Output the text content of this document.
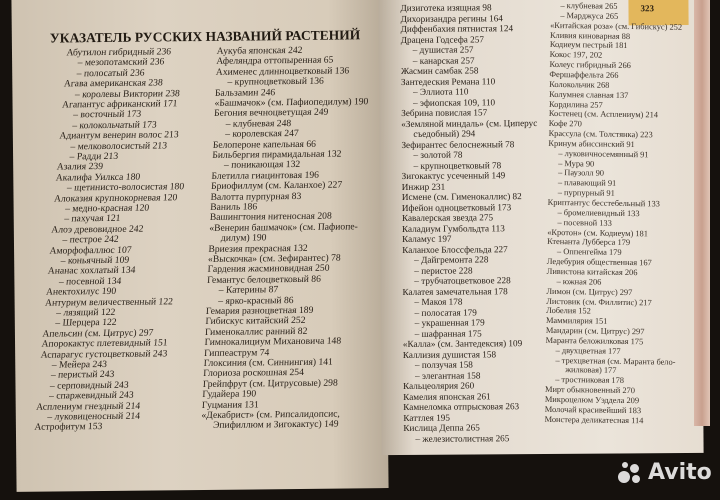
УКАЗАТЕЛЬ РУССКИХ НАЗВАНИЙ РАСТЕНИЙ
Абутилон гибридный 236
– мезопотамский 236
– полосатый 236
Агава американская 238
– королевы Виктории 238
Агапантус африканский 171
– восточный 173
– колокольчатый 173
Адиантум венерин волос 213
– мелковолосистый 213
– Радди 213
Азалия 239
Акалифа Уилкса 180
– щетинисто-волосистая 180
Алоказия крупнокорневая 120
– медно-красная 120
– пахучая 121
Алоэ древовидное 242
– пестрое 242
Аморфофаллюс 107
– коньячный 109
Ананас хохлатый 134
– посевной 134
Анектохилус 190
Антуриум величественный 122
– лязящий 122
– Шерцера 122
Апельсин (см. Цитрус) 297
Апорокактус плетевидный 151
Аспарагус густоцветковый 243
– Мейера 243
– перистый 243
– серповидный 243
– спаржевидный 243
Асплениум гнездный 214
– луковиценосный 214
Астрофитум 153
Аукуба японская 242
Афеляндра оттопыренная 65
Ахименес длинноцветковый 136
– крупноцветковый 136
Бальзамин 246
«Башмачок» (см. Пафиопедилум) 190
Бегония вечноцветущая 249
– клубневая 248
– королевская 247
Белопероне капельная 66
Бильбергия пирамидальная 132
– поникающая 132
Блетилла гиацинтовая 196
Бриофиллум (см. Каланхое) 227
Валотта пурпурная 83
Ваниль 186
Вашингтония нитеносная 208
«Венерин башмачок» (см. Пафиопе-
дилум) 190
Вриезия прекрасная 132
«Выскочка» (см. Зефирантес) 78
Гардения жасминовидная 250
Гемантус белоцветковый 86
– Катерины 87
– ярко-красный 86
Гемария разноцветная 189
Гибискус китайский 252
Гименокаллис ранний 82
Гимнокалициум Михановича 148
Гиппеаструм 74
Глоксиния (см. Синнингия) 141
Глориоза роскошная 254
Грейпфрут (см. Цитрусовые) 298
Гудайера 190
Гуцмания 131
«Декабрист» (см. Рипсалидопсис,
Эпифиллюм и Зигокактус) 149
323
Дизиготека изящная 98
Дихоризандра регины 164
Диффенбахия пятнистая 124
Драцена Годсефа 257
– душистая 257
– канарская 257
Жасмин самбак 258
Зантедеския Ремана 110
– Эллиота 110
– эфиопская 109, 110
Зебрина повислая 157
«Земляной миндаль» (см. Циперус
съедобный) 294
Зефирантес белоснежный 78
– золотой 78
– крупноцветковый 78
Зигокактус усеченный 149
Инжир 231
Исмене (см. Гименокаллис) 82
Ифейон одноцветковый 173
Кавалерская звезда 275
Каладиум Гумбольдта 113
Каламус 197
Каланхое Блоссфельда 227
– Дайгремонта 228
– перистое 228
– трубчатоцветковое 228
Калатея замечательная 178
– Макоя 178
– полосатая 179
– украшенная 179
– шафранная 175
«Калла» (см. Зантедексия) 109
Каллизия душистая 158
– ползучая 158
– элегантная 158
Кальцеолярия 260
Камелия японская 261
Камнеломка отпрысковая 263
Каттлея 195
Кислица Деппа 265
– железистолистная 265
– клубневая 265
– Марджуса 265
«Китайская роза» (см. Гибискус) 252
Кливия киноварная 88
Кодиеум пестрый 181
Кокос 197, 202
Колеус гибридный 266
Фершаффельта 266
Колокольчик 268
Колумнея славная 137
Кордилина 257
Костенец (см. Асплениум) 214
Кофе 270
Крассула (см. Толстянка) 223
Кринум абиссинский 91
– луковичносемянный 91
– Мура 90
– Паузолл 90
– плавающий 91
– пурпурный 91
Криптантус бесстебельный 133
– бромелиевидный 133
– посевной 133
«Кротон» (см. Кодиеум) 181
Ктенанта Лубберса 179
– Оппенгейма 179
Ледебурия общественная 167
Ливистона китайская 206
– южная 206
Лимон (см. Цитрус) 297
Листовик (см. Филлитис) 217
Лобелия 152
Маммилярия 151
Мандарин (см. Цитрус) 297
Маранта беложилковая 175
– двухцветная 177
– трехцветная (см. Маранта бело-
жилковая) 177
– тростниковая 178
Мирт обыкновенный 270
Микроцелюм Уэддела 209
Молочай красивейший 183
Монстера деликатесная 114
Avito
